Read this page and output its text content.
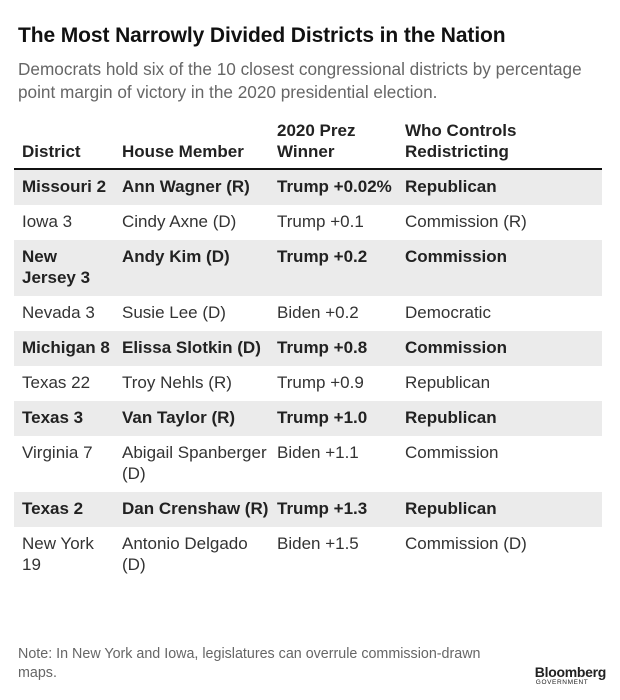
The Most Narrowly Divided Districts in the Nation

Democrats hold six of the 10 closest congressional districts by percentage point margin of victory in the 2020 presidential election.

District	House Member	2020 Prez Winner	Who Controls Redistricting
Missouri 2	Ann Wagner (R)	Trump +0.02%	Republican
Iowa 3	Cindy Axne (D)	Trump +0.1	Commission (R)
New Jersey 3	Andy Kim (D)	Trump +0.2	Commission
Nevada 3	Susie Lee (D)	Biden +0.2	Democratic
Michigan 8	Elissa Slotkin (D)	Trump +0.8	Commission
Texas 22	Troy Nehls (R)	Trump +0.9	Republican
Texas 3	Van Taylor (R)	Trump +1.0	Republican
Virginia 7	Abigail Spanberger (D)	Biden +1.1	Commission
Texas 2	Dan Crenshaw (R)	Trump +1.3	Republican
New York 19	Antonio Delgado (D)	Biden +1.5	Commission (D)

Note: In New York and Iowa, legislatures can overrule commission-drawn maps.	Bloomberg
GOVERNMENT
